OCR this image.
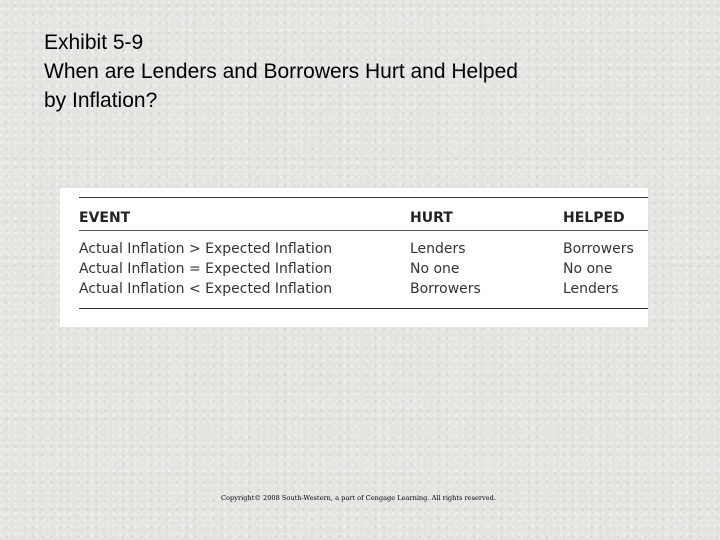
Exhibit 5-9
When are Lenders and Borrowers Hurt and Helped
by Inflation?
EVENT	HURT	HELPED
Actual Inflation > Expected Inflation	Lenders	Borrowers
Actual Inflation = Expected Inflation	No one	No one
Actual Inflation < Expected Inflation	Borrowers	Lenders
Copyright© 2008 South-Western, a part of Cengage Learning. All rights reserved.
